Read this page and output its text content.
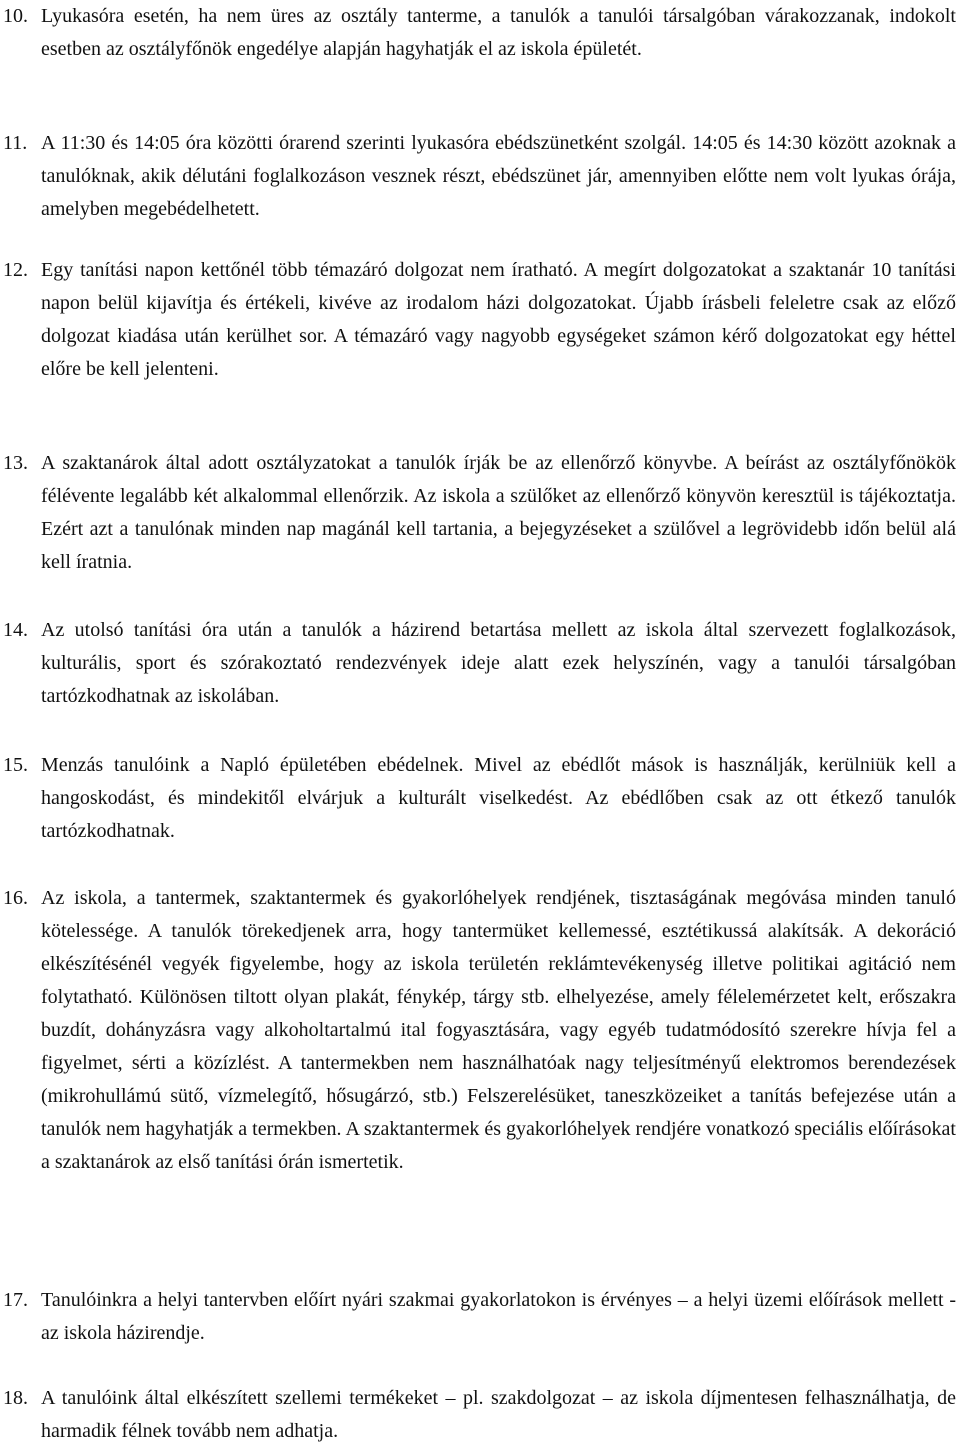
10. Lyukasóra esetén, ha nem üres az osztály tanterme, a tanulók a tanulói társalgóban várakozzanak, indokolt esetben az osztályfőnök engedélye alapján hagyhatják el az iskola épületét.
11. A 11:30 és 14:05 óra közötti órarend szerinti lyukasóra ebédszünetként szolgál. 14:05 és 14:30 között azoknak a tanulóknak, akik délutáni foglalkozáson vesznek részt, ebédszünet jár, amennyiben előtte nem volt lyukas órája, amelyben megebédelhetett.
12. Egy tanítási napon kettőnél több témazáró dolgozat nem íratható. A megírt dolgozatokat a szaktanár 10 tanítási napon belül kijavítja és értékeli, kivéve az irodalom házi dolgozatokat. Újabb írásbeli feleletre csak az előző dolgozat kiadása után kerülhet sor. A témazáró vagy nagyobb egységeket számon kérő dolgozatokat egy héttel előre be kell jelenteni.
13. A szaktanárok által adott osztályzatokat a tanulók írják be az ellenőrző könyvbe. A beírást az osztályfőnökök félévente legalább két alkalommal ellenőrzik. Az iskola a szülőket az ellenőrző könyvön keresztül is tájékoztatja. Ezért azt a tanulónak minden nap magánál kell tartania, a bejegyzéseket a szülővel a legrövidebb időn belül alá kell íratnia.
14. Az utolsó tanítási óra után a tanulók a házirend betartása mellett az iskola által szervezett foglalkozások, kulturális, sport és szórakoztató rendezvények ideje alatt ezek helyszínén, vagy a tanulói társalgóban tartózkodhatnak az iskolában.
15. Menzás tanulóink a Napló épületében ebédelnek. Mivel az ebédlőt mások is használják, kerülniük kell a hangoskodást, és mindekitől elvárjuk a kulturált viselkedést. Az ebédlőben csak az ott étkező tanulók tartózkodhatnak.
16. Az iskola, a tantermek, szaktantermek és gyakorlóhelyek rendjének, tisztaságának megóvása minden tanuló kötelessége. A tanulók törekedjenek arra, hogy tantermüket kellemessé, esztétikussá alakítsák. A dekoráció elkészítésénél vegyék figyelembe, hogy az iskola területén reklámtevékenység illetve politikai agitáció nem folytatható. Különösen tiltott olyan plakát, fénykép, tárgy stb. elhelyezése, amely félelemérzetet kelt, erőszakra buzdít, dohányzásra vagy alkoholtartalmú ital fogyasztására, vagy egyéb tudatmódosító szerekre hívja fel a figyelmet, sérti a közízlést. A tantermekben nem használhatóak nagy teljesítményű elektromos berendezések (mikrohullámú sütő, vízmelegítő, hősugárzó, stb.) Felszerelésüket, taneszközeiket a tanítás befejezése után a tanulók nem hagyhatják a termekben. A szaktantermek és gyakorlóhelyek rendjére vonatkozó speciális előírásokat a szaktanárok az első tanítási órán ismertetik.
17. Tanulóinkra a helyi tantervben előírt nyári szakmai gyakorlatokon is érvényes – a helyi üzemi előírások mellett - az iskola házirendje.
18. A tanulóink által elkészített szellemi termékeket – pl. szakdolgozat – az iskola díjmentesen felhasználhatja, de harmadik félnek tovább nem adhatja.
